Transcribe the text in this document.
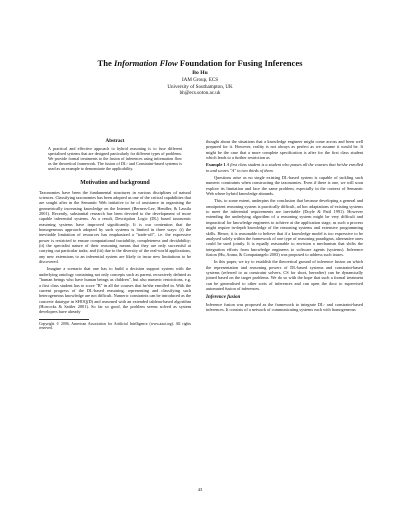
The Information Flow Foundation for Fusing Inferences
Bo Hu
IAM Group, ECS
University of Southampton, UK
bh@ecs.soton.ac.uk
Abstract
A practical and effective approach to hybrid reasoning is to fuse different specialised systems that are designed particularly for different types of problems. We provide formal treatments to the fusion of inferences using information flow as the theoretical framework. The fusion of DL- and Constraint-based systems is used as an example to demonstrate the applicability.
Motivation and background

Taxonomies have been the fundamental structures in various disciplines of natural sciences. Classifying taxonomies has been adopted as one of the critical capabilities that are sought after in the Semantic Web initiative to be of assistance in organising the geometrically increasing knowledge on the Internet (Berners-Lee, Hendler, & Lassila 2001). Recently, substantial research has been devoted to the development of more capable inferential systems. As a result, Description Logic (DL) based taxonomic reasoning systems have improved significantly. It is our contention that the homogeneous approach adopted by such systems is limited in three ways: (i) the inevitable limitation of resources has emphasized a "trade-off", i.e. the expressive power is restricted to ensure computational tractability, completeness and decidability; (ii) the specialist nature of their reasoning means that they are only successful at carrying out particular tasks; and (iii) due to the diversity of the real-world applications, any new extensions to an inferential system are likely to incur new limitations to be discovered.

Imagine a scenario that one has to build a decision support system with the underlying ontology containing not only concepts such as parent, recursively defined as "human beings who have human beings as children", but also numeric restrictions, e.g. a first class student has to score "B" in all the courses that he/she enrolled in. With the current progress of the DL-based reasoning, representing and classifying such heterogeneous knowledge are not difficult. Numeric constraints can be introduced as the concrete datatype in SHOQ(D) and reasoned with an extended tableau-based algorithm (Horrocks & Sattler 2001). So far so good, the problem seems solved as system developers have already

Copyright © 2006, American Association for Artificial Intelligence (www.aaai.org). All rights reserved.

thought about the situations that a knowledge engineer might come across and been well prepared for it. However, reality is not always as perfect as we assume it would be. It might be the case that a more complete specification is after for the first class student which leads to a further restriction as

Example 1 A first class student is a student who passes all the courses that he/she enrolled in and scores "A" in two thirds of them.

Questions arise as no single existing DL-based system is capable of tackling such numeric constraints when constructing the taxonomies. Even if there is one, we will soon explore its limitation and face the same problem, especially in the context of Semantic Web where hybrid knowledge abounds.

This, to some extent, underpins the conclusion that because developing a general and omnipotent reasoning system is practically difficult, ad hoc adaptations of existing systems to meet the inferential requirements are inevitable (Doyle & Patil 1991). However extending the underlying algorithm of a reasoning system might be very difficult and impractical for knowledge engineers to achieve at the application stage, as such a process might require in-depth knowledge of the reasoning systems and extensive programming skills. Hence, it is reasonable to believe that if a knowledge model is too expressive to be analysed solely within the framework of one type of reasoning paradigms, alternative ones could be used jointly. It is equally reasonable to envision a mechanism that shifts the integration efforts from knowledge engineers to software agents (systems). Inference fusion (Hu, Arana, & Compatangelo 2003) was proposed to address such issues.

In this paper, we try to establish the theoretical ground of inference fusion on which the representation and reasoning powers of DL-based systems and constraint-based systems (referred to as constraint solvers, CS for short, hereafter) can be dynamically joined based on the target problems. We do so with the hope that such a formal treatment can be generalised to other sorts of inferences and can open the door to supervised automated fusion of inferences.

Inference fusion

Inference fusion was proposed as the framework to integrate DL- and constraint-based inferences. It consists of a network of communicating systems each with homogeneous

43
